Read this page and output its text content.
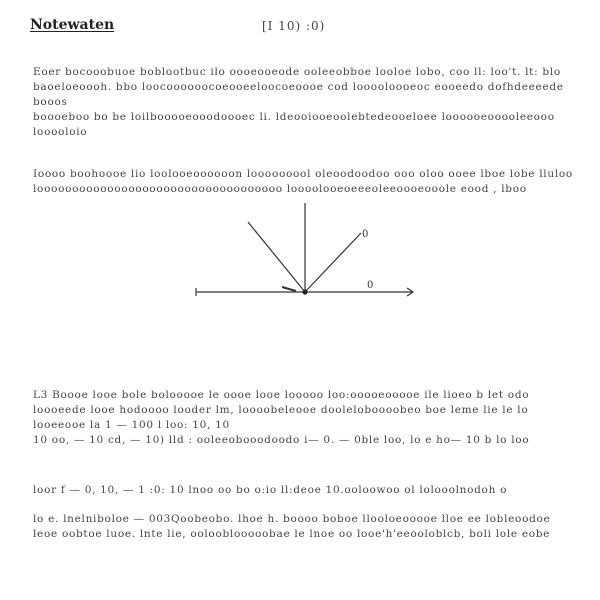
Notewaten	[I 10) :0)
Eoer bocooobuoe boblootbuc ilo oooeooeode ooleeobboe looloe lobo, coo ll: loo't. lt: blo
baoeloeoooh. bbo loocoooooocoeooeeloocoeoooe cod looooloooeoc eooeedo dofhdeeeede booos
boooeboo bo be loilbooooeooodoooec li. ldeooiooeoolebtedeooeloee loooooeooooleeooo
looooloio
Ioooo boohoooe lio loolooeoooooon looooooool oleoodoodoo ooo oloo ooee lboe lobe lluloo
looooooooooooooooooooooooooooooooooo loooolooeoeeeoleeoooeooole eood , lboo
0
0
L3 Boooe looe bole bolooooe le oooe looe looooo loo:ooooeooooe ile lioeo b let odo
loooeede looe hodoooo looder lm, loooobeleooe dooleloboooobeo boe leme lie le lo
looeeooe la 1 — 100 l loo: 10, 10
10 oo, — 10 cd, — 10) lld : ooleeobooodoodo i— 0. — 0ble loo, lo e ho— 10 b lo loo
loor f — 0, 10, — 1 :0: 10 lnoo oo bo o:io ll:deoe 10.ooloowoo ol lolooolnodoh o
lo e. lnelniboloe — 003Qoobeobo. lhoe h. boooo boboe llooloeooooe lloe ee lobleoodoe
leoe oobtoe luoe. lnte lie, oolooblooooobae le lnoe oo looe'h'eeooloblcb, boli lole eobe
